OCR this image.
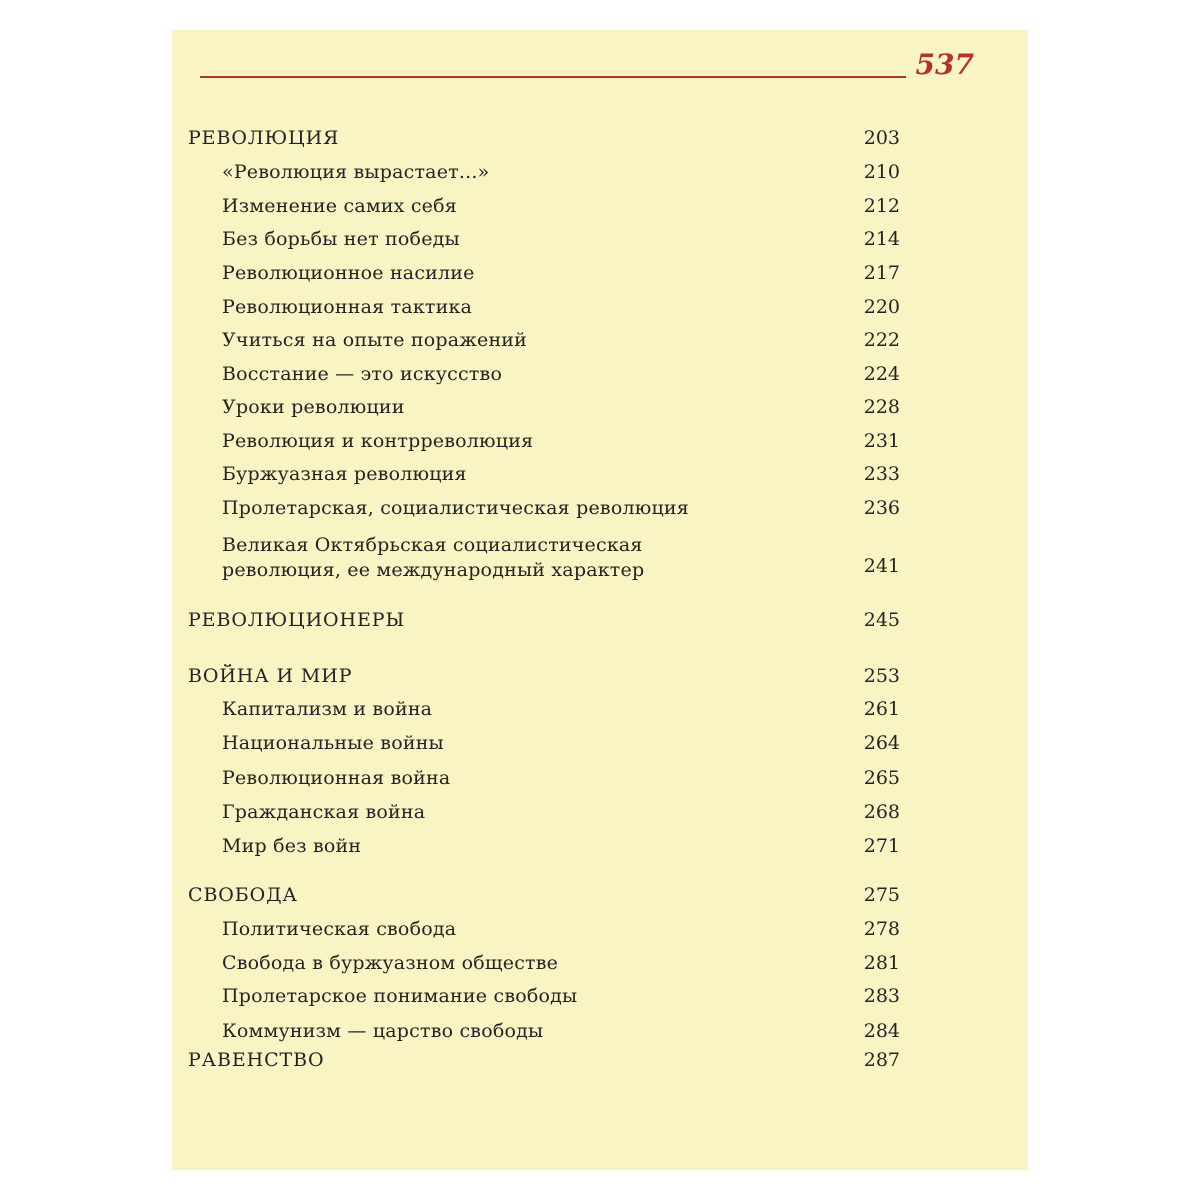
537
РЕВОЛЮЦИЯ	203
«Революция вырастает...»	210
Изменение самих себя	212
Без борьбы нет победы	214
Революционное насилие	217
Революционная тактика	220
Учиться на опыте поражений	222
Восстание — это искусство	224
Уроки революции	228
Революция и контрреволюция	231
Буржуазная революция	233
Пролетарская, социалистическая революция	236
Великая Октябрьская социалистическая
революция, ее международный характер	241
РЕВОЛЮЦИОНЕРЫ	245
ВОЙНА И МИР	253
Капитализм и война	261
Национальные войны	264
Революционная война	265
Гражданская война	268
Мир без войн	271
СВОБОДА	275
Политическая свобода	278
Свобода в буржуазном обществе	281
Пролетарское понимание свободы	283
Коммунизм — царство свободы	284
РАВЕНСТВО	287
